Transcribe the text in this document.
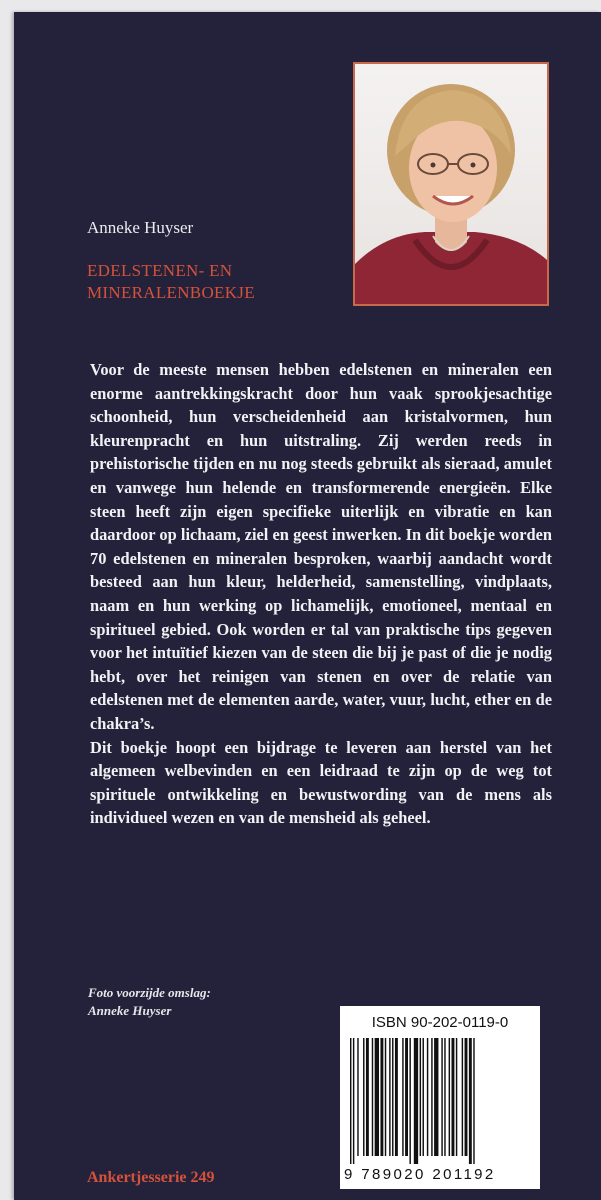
Anneke Huyser
EDELSTENEN- EN
MINERALENBOEKJE

Voor de meeste mensen hebben edelstenen en mineralen een enorme aantrekkingskracht door hun vaak sprookjesachtige schoonheid, hun verscheidenheid aan kristalvormen, hun kleurenpracht en hun uitstraling. Zij werden reeds in prehistorische tijden en nu nog steeds gebruikt als sieraad, amulet en vanwege hun helende en transformerende energieën. Elke steen heeft zijn eigen specifieke uiterlijk en vibratie en kan daardoor op lichaam, ziel en geest inwerken. In dit boekje worden 70 edelstenen en mineralen besproken, waarbij aandacht wordt besteed aan hun kleur, helderheid, samenstelling, vindplaats, naam en hun werking op lichamelijk, emotioneel, mentaal en spiritueel gebied. Ook worden er tal van praktische tips gegeven voor het intuïtief kiezen van de steen die bij je past of die je nodig hebt, over het reinigen van stenen en over de relatie van edelstenen met de elementen aarde, water, vuur, lucht, ether en de chakra’s.

Dit boekje hoopt een bijdrage te leveren aan herstel van het algemeen welbevinden en een leidraad te zijn op de weg tot spirituele ontwikkeling en bewustwording van de mens als individueel wezen en van de mensheid als geheel.

Foto voorzijde omslag:
Anneke Huyser
Ankertjesserie 249
ISBN 90-202-0119-0
9 789020 201192
